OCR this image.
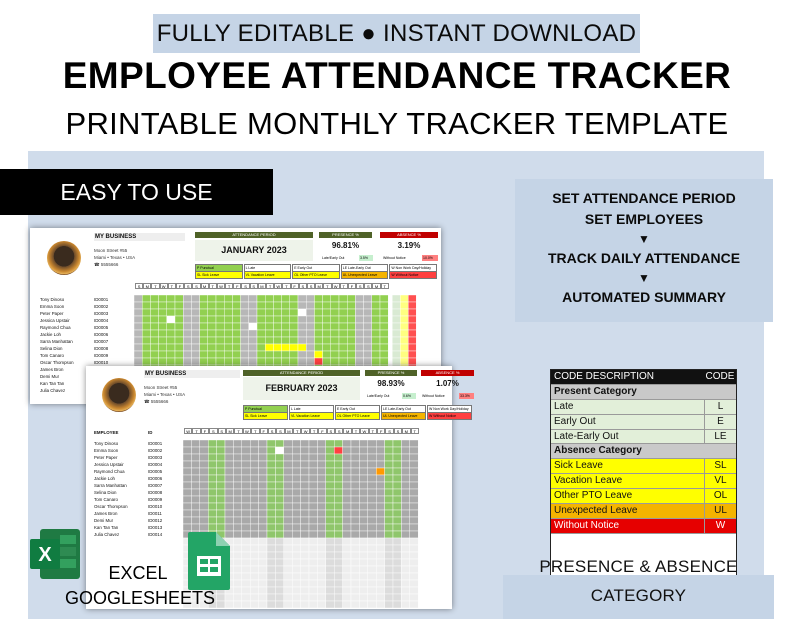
FULLY EDITABLE ● INSTANT DOWNLOAD
EMPLOYEE ATTENDANCE TRACKER
PRINTABLE MONTHLY TRACKER TEMPLATE
EASY TO USE	SET ATTENDANCE PERIOD
SET EMPLOYEES
▼
TRACK DAILY ATTENDANCE
▼
AUTOMATED SUMMARY
MY BUSINESS
Moon Street #55
Miami • Texas • USA
☎ 5555666
ATTENDANCE PERIOD
JANUARY 2023
PRESENCE %
96.81%
ABSENCE %
3.19%
Late/Early Out	3.5%	Without Notice	10.0%
S	M	T	W	T	F	S	S	M	T	W	T	F	S	S	M	T	W	T	F	S	S	M	T	W	T	F	S	S	M	T
Tony Dinoso	ID0001
Emma Soon	ID0002
Peter Paper	ID0003
Jessica Upstair	ID0004
Raymond Chua	ID0005
Jackie Loh	ID0006
Sarra Manhattan	ID0007
Selina Dion	ID0008
Tom Canaro	ID0009
Oscar Thompson	ID0010
James Bron
Demi Mur
Kan Tan Tan
Julia Chavez
P Punctual	L Late	E Early Out	LE Late-Early Out	W Non Work Day/Holiday
SL Sick Leave	VL Vacation Leave	OL Other PTO Leave	UL Unexpected Leave	W Without Notice
MY BUSINESS
Moon Street #55
Miami • Texas • USA
☎ 5555666
ATTENDANCE PERIOD
FEBRUARY 2023
PRESENCE %
98.93%
ABSENCE %
1.07%
Late/Early Out	0.6%	Without Notice	33.3%
EMPLOYEE	ID	W	T	F	S	S	M	T	W	T	F	S	S	M	T	W	T	F	S	S	M	T	W	T	F	S	S	M	T
Tony Dinoso	ID0001
Emma Soon	ID0002
Peter Paper	ID0003
Jessica Upstair	ID0004
Raymond Chua	ID0005
Jackie Loh	ID0006
Sarra Manhattan	ID0007
Selina Dion	ID0008
Tom Canaro	ID0009
Oscar Thompson	ID0010
James Bron	ID0011
Demi Mur	ID0012
Kan Tan Tan	ID0013
Julia Chavez	ID0014
P Punctual	L Late	E Early Out	LE Late-Early Out	W Non Work Day/Holiday
SL Sick Leave	VL Vacation Leave	OL Other PTO Leave	UL Unexpected Leave	W Without Notice
X
EXCEL
GOOGLESHEETS
CODE DESCRIPTION	CODE
Present Category
Late	L
Early Out	E
Late-Early Out	LE
Absence Category
Sick Leave	SL
Vacation Leave	VL
Other PTO Leave	OL
Unexpected Leave	UL
Without Notice	W
PRESENCE & ABSENCE
CATEGORY
